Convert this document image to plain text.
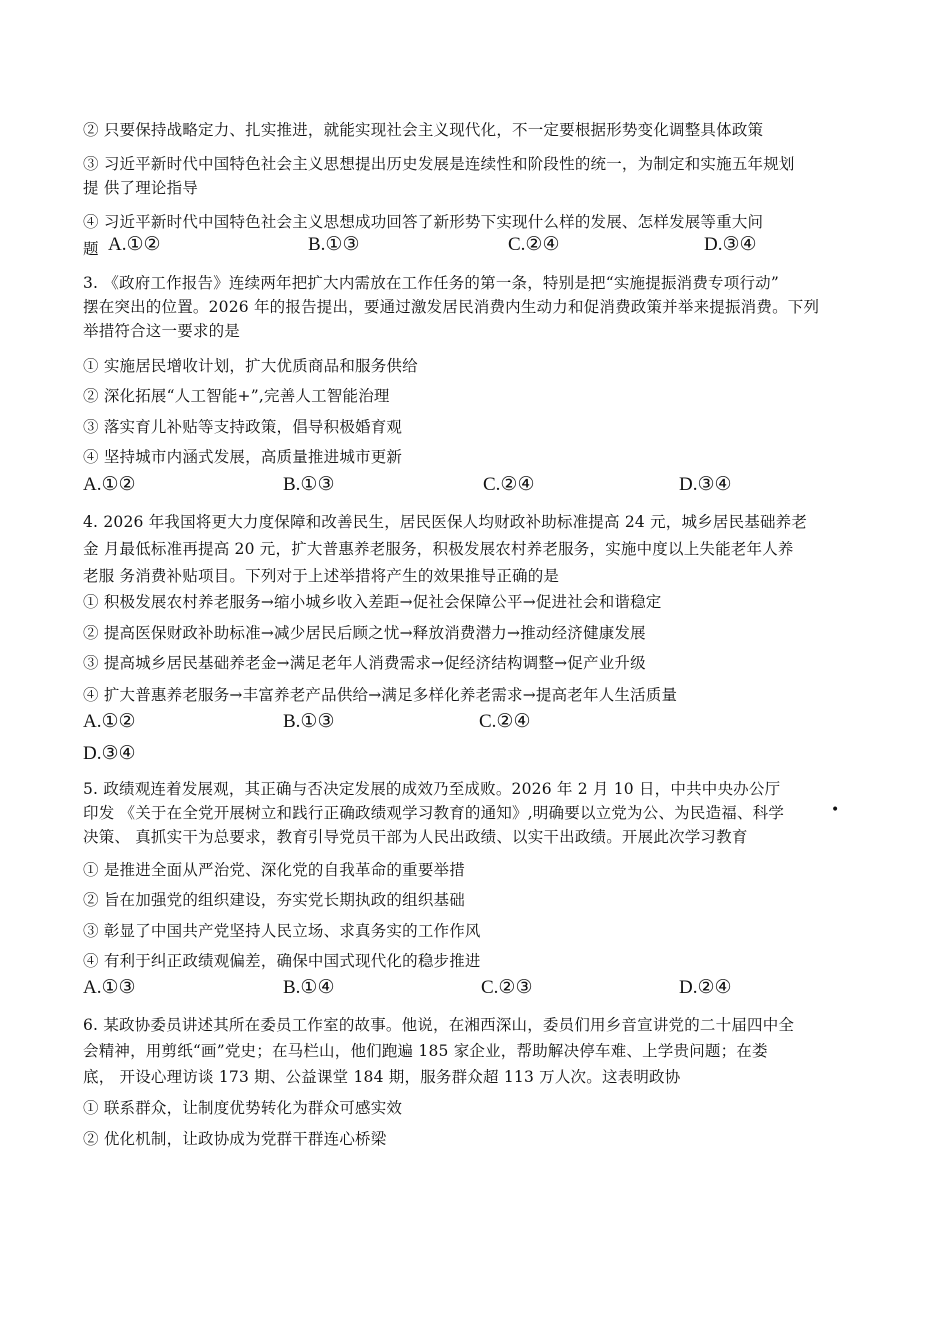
② 只要保持战略定力、扎实推进，就能实现社会主义现代化，不一定要根据形势变化调整具体政策
③ 习近平新时代中国特色社会主义思想提出历史发展是连续性和阶段性的统一，为制定和实施五年规划
提 供了理论指导
④ 习近平新时代中国特色社会主义思想成功回答了新形势下实现什么样的发展、怎样发展等重大问
题 A.①②	B.①③	C.②④	D.③④
3. 《政府工作报告》连续两年把扩大内需放在工作任务的第一条，特别是把“实施提振消费专项行动”
摆在突出的位置。2026 年的报告提出，要通过激发居民消费内生动力和促消费政策并举来提振消费。下列
举措符合这一要求的是
① 实施居民增收计划，扩大优质商品和服务供给
② 深化拓展“人工智能+”,完善人工智能治理
③ 落实育儿补贴等支持政策，倡导积极婚育观
④ 坚持城市内涵式发展，高质量推进城市更新
A.①②	B.①③	C.②④	D.③④
4. 2026 年我国将更大力度保障和改善民生，居民医保人均财政补助标准提高 24 元，城乡居民基础养老
金 月最低标准再提高 20 元，扩大普惠养老服务，积极发展农村养老服务，实施中度以上失能老年人养
老服 务消费补贴项目。下列对于上述举措将产生的效果推导正确的是
① 积极发展农村养老服务→缩小城乡收入差距→促社会保障公平→促进社会和谐稳定
② 提高医保财政补助标准→减少居民后顾之忧→释放消费潜力→推动经济健康发展
③ 提高城乡居民基础养老金→满足老年人消费需求→促经济结构调整→促产业升级
④ 扩大普惠养老服务→丰富养老产品供给→满足多样化养老需求→提高老年人生活质量
A.①②	B.①③	C.②④
D.③④
5. 政绩观连着发展观，其正确与否决定发展的成效乃至成败。2026 年 2 月 10 日，中共中央办公厅
•
印发 《关于在全党开展树立和践行正确政绩观学习教育的通知》,明确要以立党为公、为民造福、科学
决策、 真抓实干为总要求，教育引导党员干部为人民出政绩、以实干出政绩。开展此次学习教育
① 是推进全面从严治党、深化党的自我革命的重要举措
② 旨在加强党的组织建设，夯实党长期执政的组织基础
③ 彰显了中国共产党坚持人民立场、求真务实的工作作风
④ 有利于纠正政绩观偏差，确保中国式现代化的稳步推进
A.①③	B.①④	C.②③	D.②④
6. 某政协委员讲述其所在委员工作室的故事。他说，在湘西深山，委员们用乡音宣讲党的二十届四中全
会精神，用剪纸“画”党史；在马栏山，他们跑遍 185 家企业，帮助解决停车难、上学贵问题；在娄
底， 开设心理访谈 173 期、公益课堂 184 期，服务群众超 113 万人次。这表明政协
① 联系群众，让制度优势转化为群众可感实效
② 优化机制，让政协成为党群干群连心桥梁
